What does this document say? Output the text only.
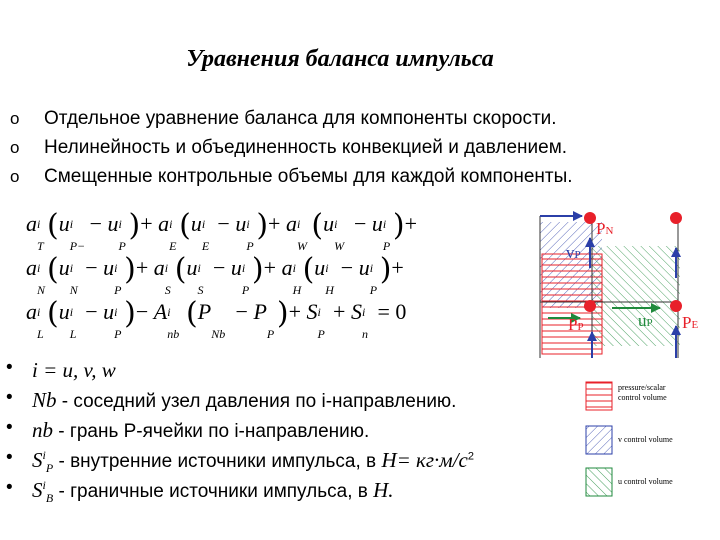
Уравнения баланса импульса
o Отдельное уравнение баланса для компоненты скорости.
o Нелинейность и объединенность конвекцией и давлением.
o Смещенные контрольные объемы для каждой компоненты.
a i
T
(u i
P−
  − u i
P
)+ a i
E
(u i
E
− u i
P
)+ a i
W
 (u i
W
  − u i
P
)+
a i
N
(u i
N
− u i
P
)+ a i
S
(u i
S
− u i
P
)+ a i
H
(u i
H
− u i
P
)+
a i
L
(u i
L
− u i
P
)− A i
nb
  (P
Nb
   − P
P
)+ S i
P
+ S i
n
= 0
PN
vP
PP	uP PE
pressure/scalar
control volume
v control volume
u control volume
• i = u, v, w
• Nb - соседний узел давления по i-направлению.
• nb - грань Р-ячейки по i-направлению.
• $S^i_P$ - внутренние источники импульса, в $Н= кг\cdot м/с^2$
• $S^i_B$ - граничные источники импульса, в Н.
